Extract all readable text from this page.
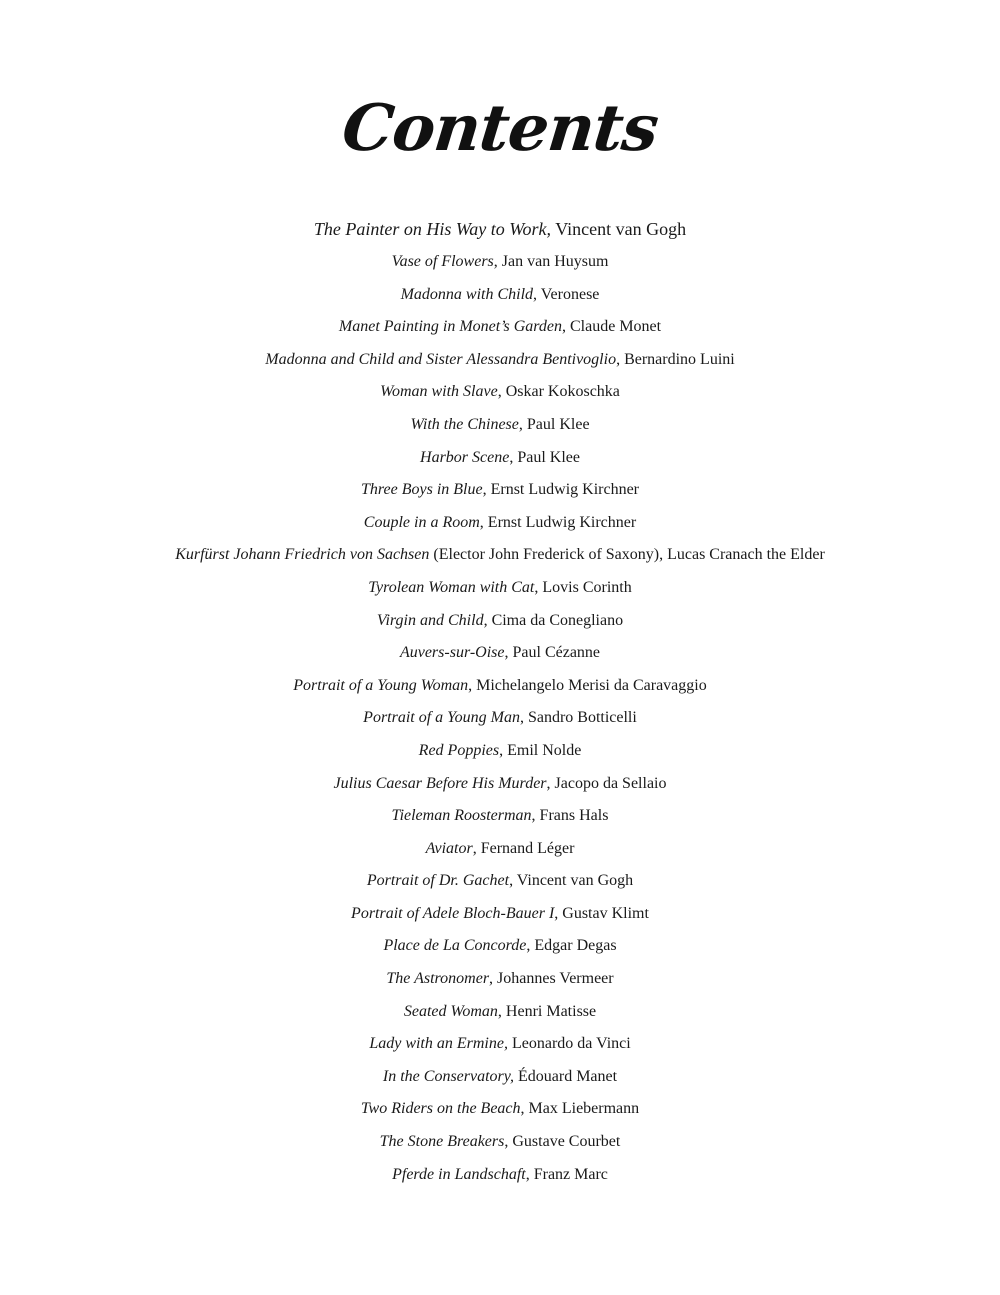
Contents
The Painter on His Way to Work, Vincent van Gogh
Vase of Flowers, Jan van Huysum
Madonna with Child, Veronese
Manet Painting in Monet’s Garden, Claude Monet
Madonna and Child and Sister Alessandra Bentivoglio, Bernardino Luini
Woman with Slave, Oskar Kokoschka
With the Chinese, Paul Klee
Harbor Scene, Paul Klee
Three Boys in Blue, Ernst Ludwig Kirchner
Couple in a Room, Ernst Ludwig Kirchner
Kurfürst Johann Friedrich von Sachsen (Elector John Frederick of Saxony), Lucas Cranach the Elder
Tyrolean Woman with Cat, Lovis Corinth
Virgin and Child, Cima da Conegliano
Auvers-sur-Oise, Paul Cézanne
Portrait of a Young Woman, Michelangelo Merisi da Caravaggio
Portrait of a Young Man, Sandro Botticelli
Red Poppies, Emil Nolde
Julius Caesar Before His Murder, Jacopo da Sellaio
Tieleman Roosterman, Frans Hals
Aviator, Fernand Léger
Portrait of Dr. Gachet, Vincent van Gogh
Portrait of Adele Bloch-Bauer I, Gustav Klimt
Place de La Concorde, Edgar Degas
The Astronomer, Johannes Vermeer
Seated Woman, Henri Matisse
Lady with an Ermine, Leonardo da Vinci
In the Conservatory, Édouard Manet
Two Riders on the Beach, Max Liebermann
The Stone Breakers, Gustave Courbet
Pferde in Landschaft, Franz Marc
